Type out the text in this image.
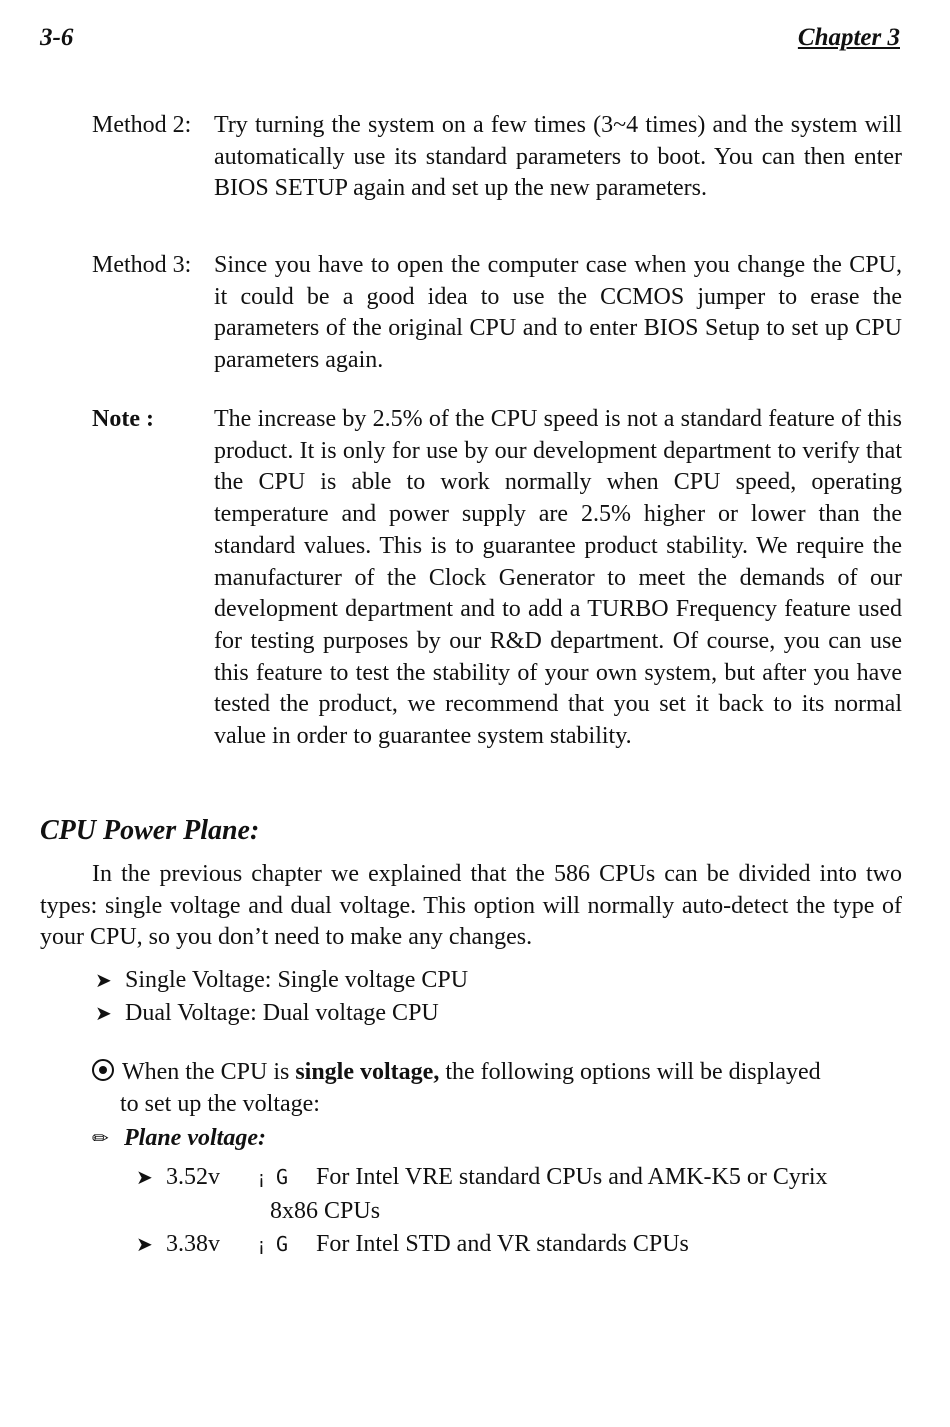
3-6	Chapter 3
Method 2: Try turning the system on a few times (3~4 times) and the system will automatically use its standard parameters to boot. You can then enter BIOS SETUP again and set up the new parameters.
Method 3: Since you have to open the computer case when you change the CPU, it could be a good idea to use the CCMOS jumper to erase the parameters of the original CPU and to enter BIOS Setup to set up CPU parameters again.
Note :	The increase by 2.5% of the CPU speed is not a standard feature of this product. It is only for use by our development department to verify that the CPU is able to work normally when CPU speed, operating temperature and power supply are 2.5% higher or lower than the standard values. This is to guarantee product stability. We require the manufacturer of the Clock Generator to meet the demands of our development department and to add a TURBO Frequency feature used for testing purposes by our R&D department. Of course, you can use this feature to test the stability of your own system, but after you have tested the product, we recommend that you set it back to its normal value in order to guarantee system stability.
CPU Power Plane:
In the previous chapter we explained that the 586 CPUs can be divided into two types: single voltage and dual voltage. This option will normally auto-detect the type of your CPU, so you don’t need to make any changes.
➤ Single Voltage: Single voltage CPU
➤ Dual Voltage: Dual voltage CPU
When the CPU is single voltage, the following options will be displayed
to set up the voltage:
✏ Plane voltage:
➤ 3.52v ¡ G For Intel VRE standard CPUs and AMK-K5 or Cyrix
8x86 CPUs
➤ 3.38v ¡ G For Intel STD and VR standards CPUs
